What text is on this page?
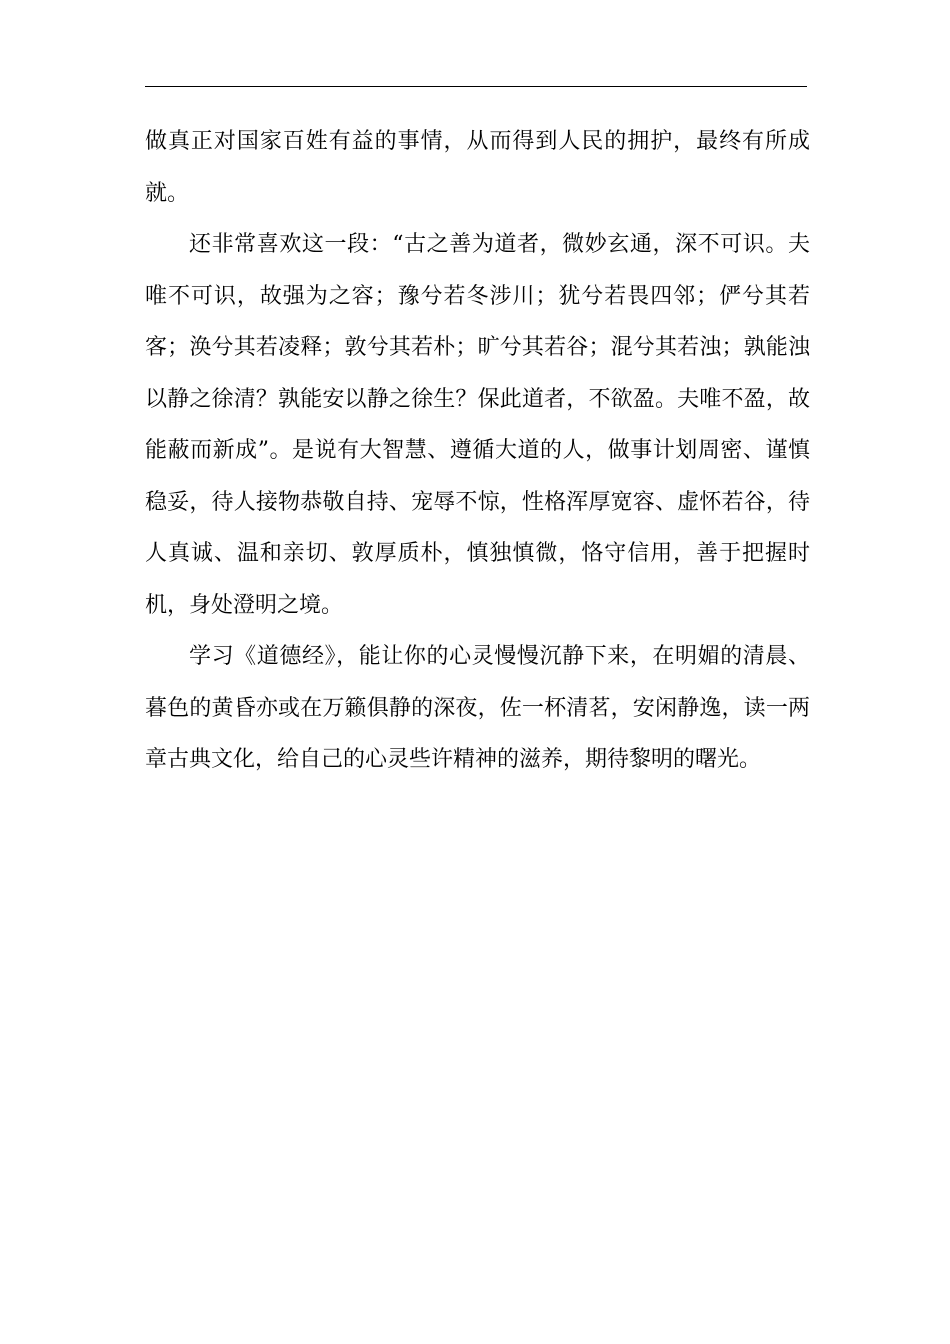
做真正对国家百姓有益的事情，从而得到人民的拥护，最终有所成就。

还非常喜欢这一段：“古之善为道者，微妙玄通，深不可识。夫唯不可识，故强为之容；豫兮若冬涉川；犹兮若畏四邻；俨兮其若客；涣兮其若凌释；敦兮其若朴；旷兮其若谷；混兮其若浊；孰能浊以静之徐清？孰能安以静之徐生？保此道者，不欲盈。夫唯不盈，故能蔽而新成”。是说有大智慧、遵循大道的人，做事计划周密、谨慎稳妥，待人接物恭敬自持、宠辱不惊，性格浑厚宽容、虚怀若谷，待人真诚、温和亲切、敦厚质朴，慎独慎微，恪守信用，善于把握时机，身处澄明之境。

学习《道德经》，能让你的心灵慢慢沉静下来，在明媚的清晨、暮色的黄昏亦或在万籁俱静的深夜，佐一杯清茗，安闲静逸，读一两章古典文化，给自己的心灵些许精神的滋养，期待黎明的曙光。
